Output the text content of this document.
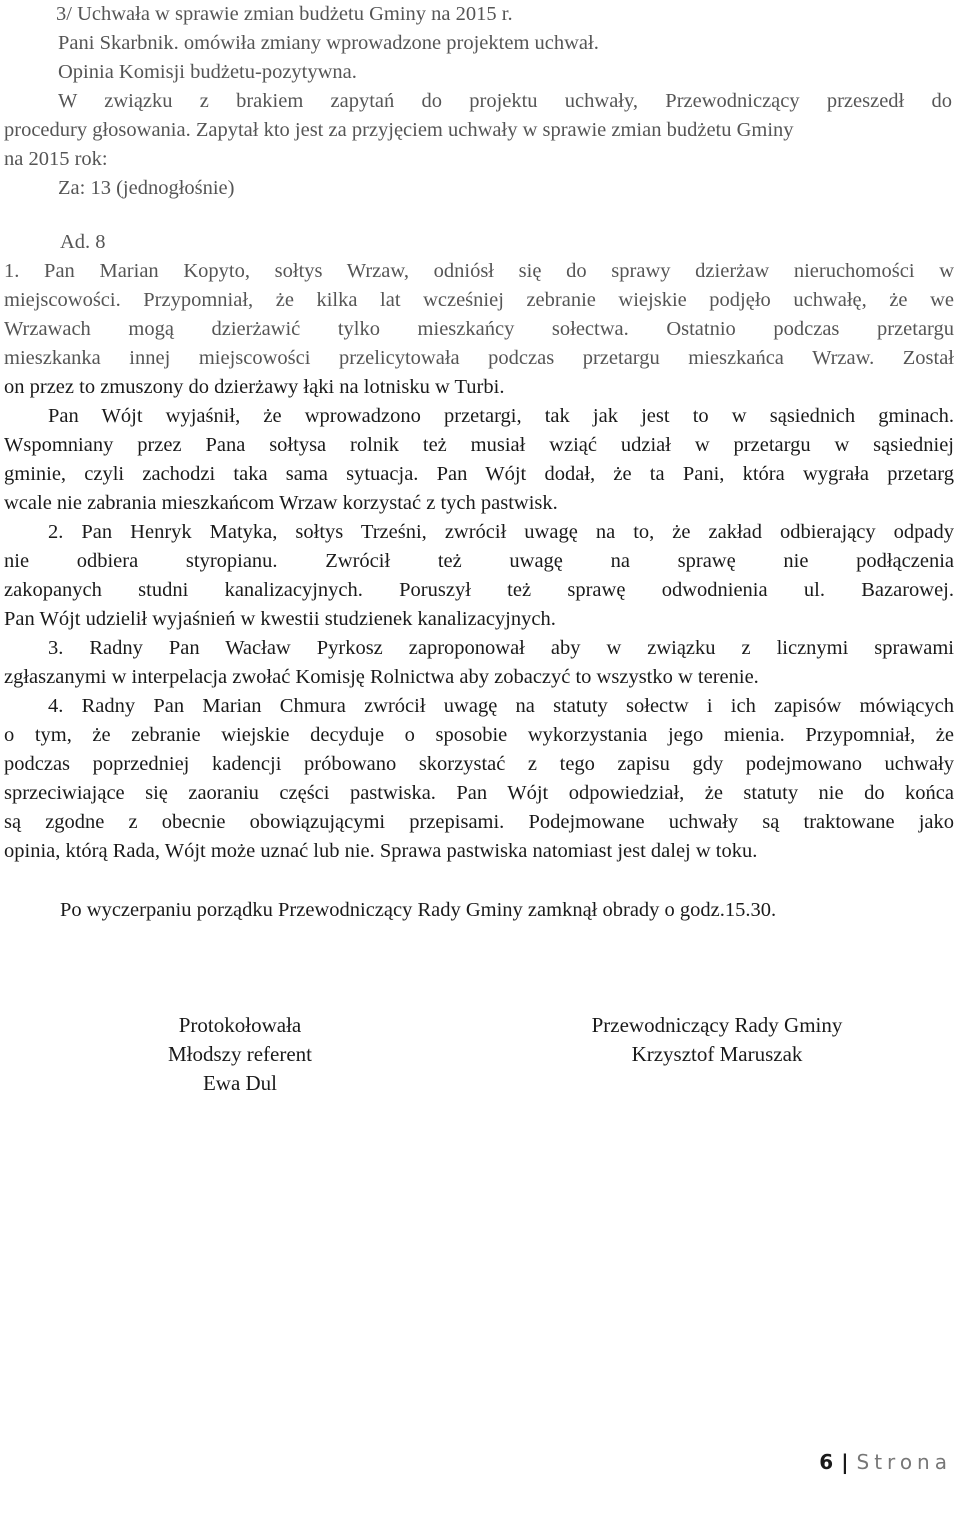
3/ Uchwała w sprawie zmian budżetu Gminy na 2015 r.
Pani Skarbnik. omówiła zmiany wprowadzone projektem uchwał.
Opinia Komisji budżetu-pozytywna.
W związku z brakiem zapytań do projektu uchwały, Przewodniczący przeszedł do
procedury głosowania. Zapytał kto jest za przyjęciem uchwały w sprawie zmian budżetu Gminy
na 2015 rok:
Za: 13 (jednogłośnie)
Ad. 8
1. Pan Marian Kopyto, sołtys Wrzaw, odniósł się do sprawy dzierżaw nieruchomości w
miejscowości. Przypomniał, że kilka lat wcześniej zebranie wiejskie podjęło uchwałę, że we
Wrzawach mogą dzierżawić tylko mieszkańcy sołectwa. Ostatnio podczas przetargu
mieszkanka innej miejscowości przelicytowała podczas przetargu mieszkańca Wrzaw. Został
on przez to zmuszony do dzierżawy łąki na lotnisku w Turbi.
Pan Wójt wyjaśnił, że wprowadzono przetargi, tak jak jest to w sąsiednich gminach.
Wspomniany przez Pana sołtysa rolnik też musiał wziąć udział w przetargu w sąsiedniej
gminie, czyli zachodzi taka sama sytuacja. Pan Wójt dodał, że ta Pani, która wygrała przetarg
wcale nie zabrania mieszkańcom Wrzaw korzystać z tych pastwisk.
2. Pan Henryk Matyka, sołtys Trześni, zwrócił uwagę na to, że zakład odbierający odpady
nie odbiera styropianu. Zwrócił też uwagę na sprawę nie podłączenia
zakopanych studni kanalizacyjnych. Poruszył też sprawę odwodnienia ul. Bazarowej.
Pan Wójt udzielił wyjaśnień w kwestii studzienek kanalizacyjnych.
3. Radny Pan Wacław Pyrkosz zaproponował aby w związku z licznymi sprawami
zgłaszanymi w interpelacja zwołać Komisję Rolnictwa aby zobaczyć to wszystko w terenie.
4. Radny Pan Marian Chmura zwrócił uwagę na statuty sołectw i ich zapisów mówiących
o tym, że zebranie wiejskie decyduje o sposobie wykorzystania jego mienia. Przypomniał, że
podczas poprzedniej kadencji próbowano skorzystać z tego zapisu gdy podejmowano uchwały
sprzeciwiające się zaoraniu części pastwiska. Pan Wójt odpowiedział, że statuty nie do końca
są zgodne z obecnie obowiązującymi przepisami. Podejmowane uchwały są traktowane jako
opinia, którą Rada, Wójt może uznać lub nie. Sprawa pastwiska natomiast jest dalej w toku.
Po wyczerpaniu porządku Przewodniczący Rady Gminy zamknął obrady o godz.15.30.
Protokołowała
Młodszy referent
Ewa Dul
Przewodniczący Rady Gminy
Krzysztof Maruszak
6 | Strona
